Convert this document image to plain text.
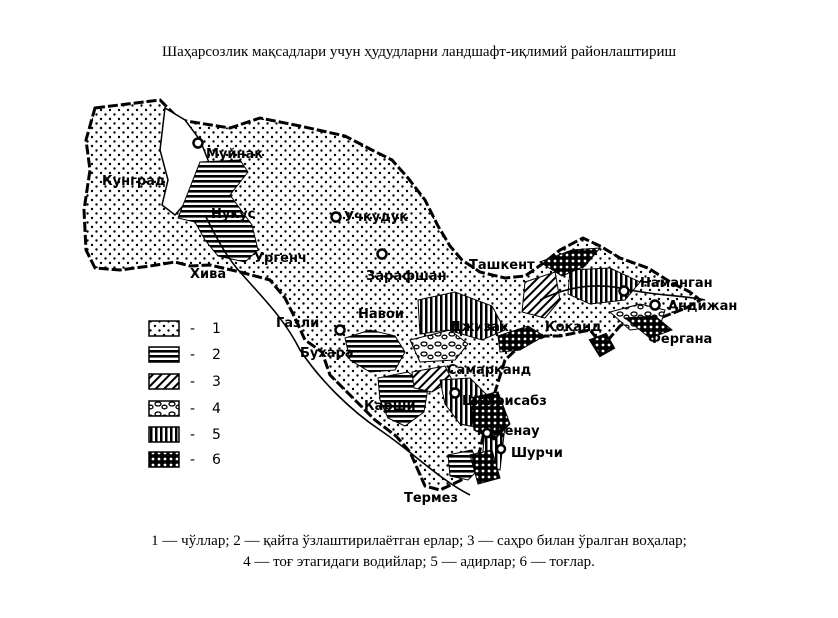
Шаҳарсозлик мақсадлари учун ҳудудларни ландшафт-иқлимий районлаштириш
Муйнак
Кунград
Нукус	Учкудук
Ургенч
Хива	Зарафшан
Ташкент
Наманган
Андижан
Газли
Навои
Джизак	Коканд
Фергана
Бухара
Самарканд
Карши	Шахрисабз
Денау
Шурчи
Термез
- 1
- 2
- 3
- 4
- 5
- 6
1 — чўллар; 2 — қайта ўзлаштирилаётган ерлар; 3 — саҳро билан ўралган воҳалар;
4 — тоғ этагидаги водийлар; 5 — адирлар; 6 — тоғлар.
